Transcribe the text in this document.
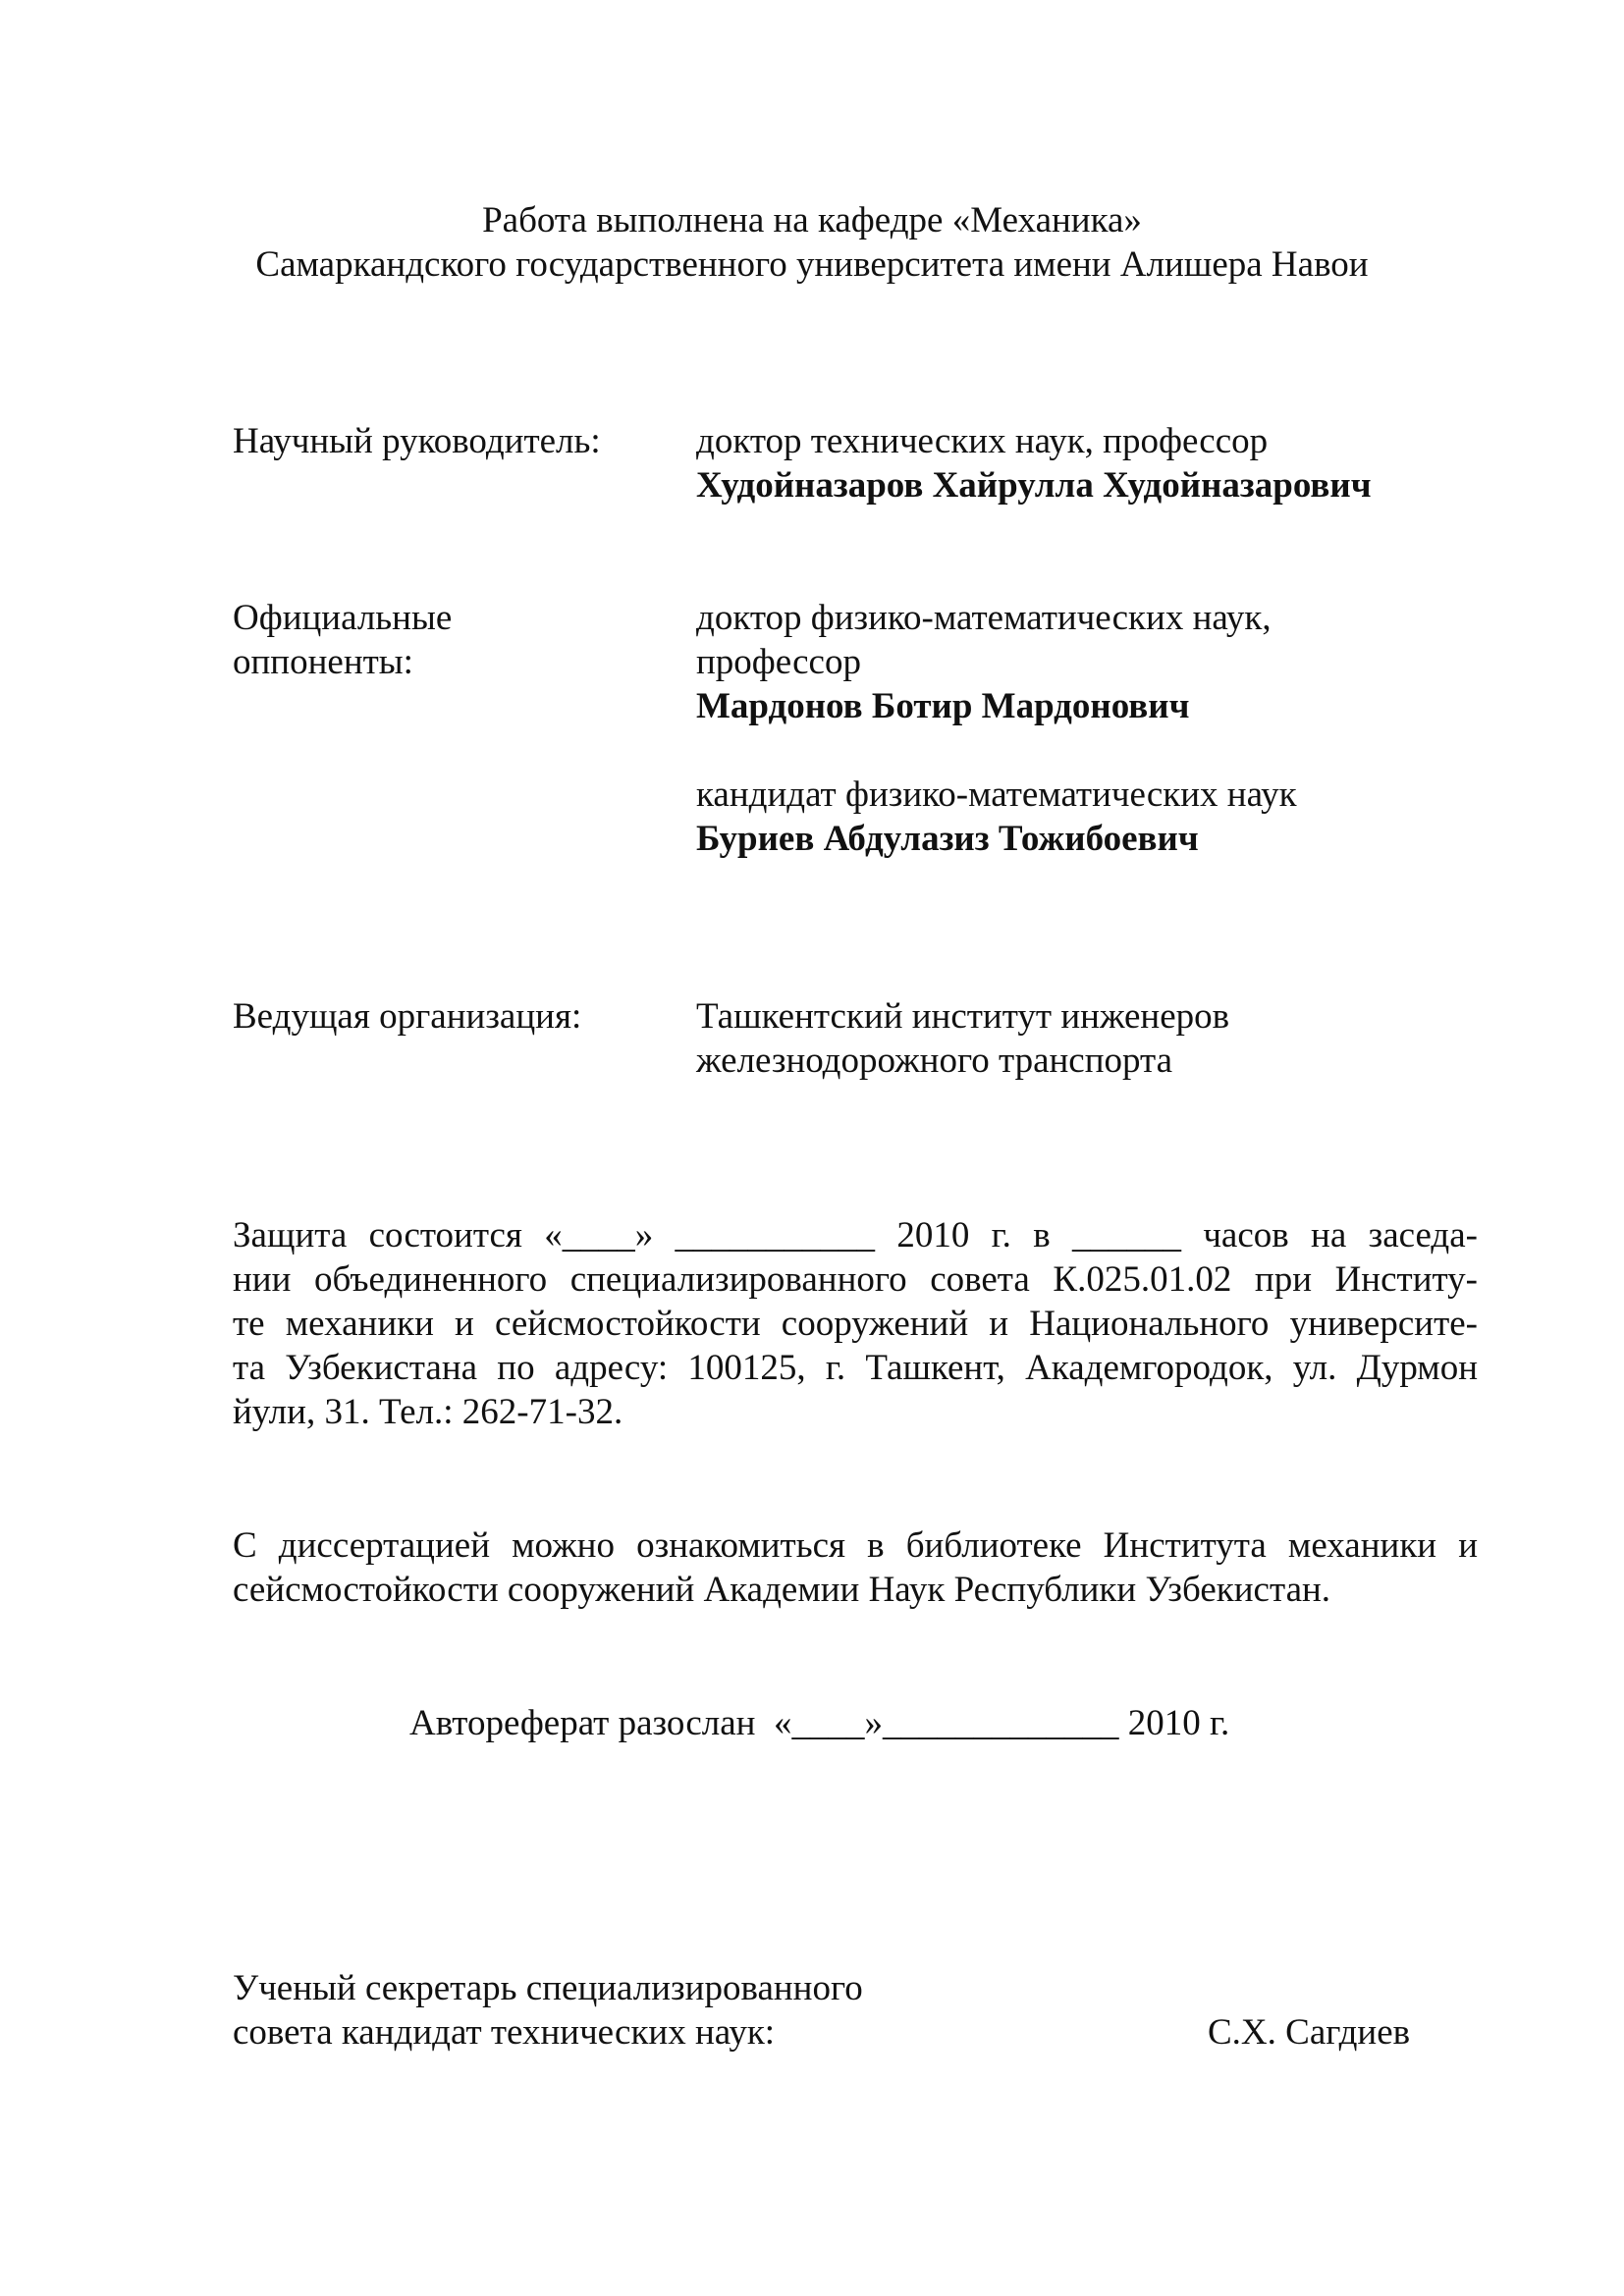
Работа выполнена на кафедре «Механика»
Самаркандского государственного университета имени Алишера Навои
Научный руководитель:	доктор технических наук, профессор
Худойназаров Хайрулла Худойназарович
Официальные
оппоненты:
доктор физико-математических наук,
профессор
Мардонов Ботир Мардонович
кандидат физико-математических наук
Буриев Абдулазиз Тожибоевич
Ведущая организация:	Ташкентский институт инженеров
железнодорожного транспорта
Защита состоится «____» ___________ 2010 г. в ______ часов на заседа-
нии объединенного специализированного совета К.025.01.02 при Институ-
те механики и сейсмостойкости сооружений и Национального университе-
та Узбекистана по адресу: 100125, г. Ташкент, Академгородок, ул. Дурмон
йули, 31. Тел.: 262-71-32.
С диссертацией можно ознакомиться в библиотеке Института механики и
сейсмостойкости сооружений Академии Наук Республики Узбекистан.
Автореферат разослан  «____»_____________ 2010 г.
Ученый секретарь специализированного
совета кандидат технических наук:	С.Х. Сагдиев
